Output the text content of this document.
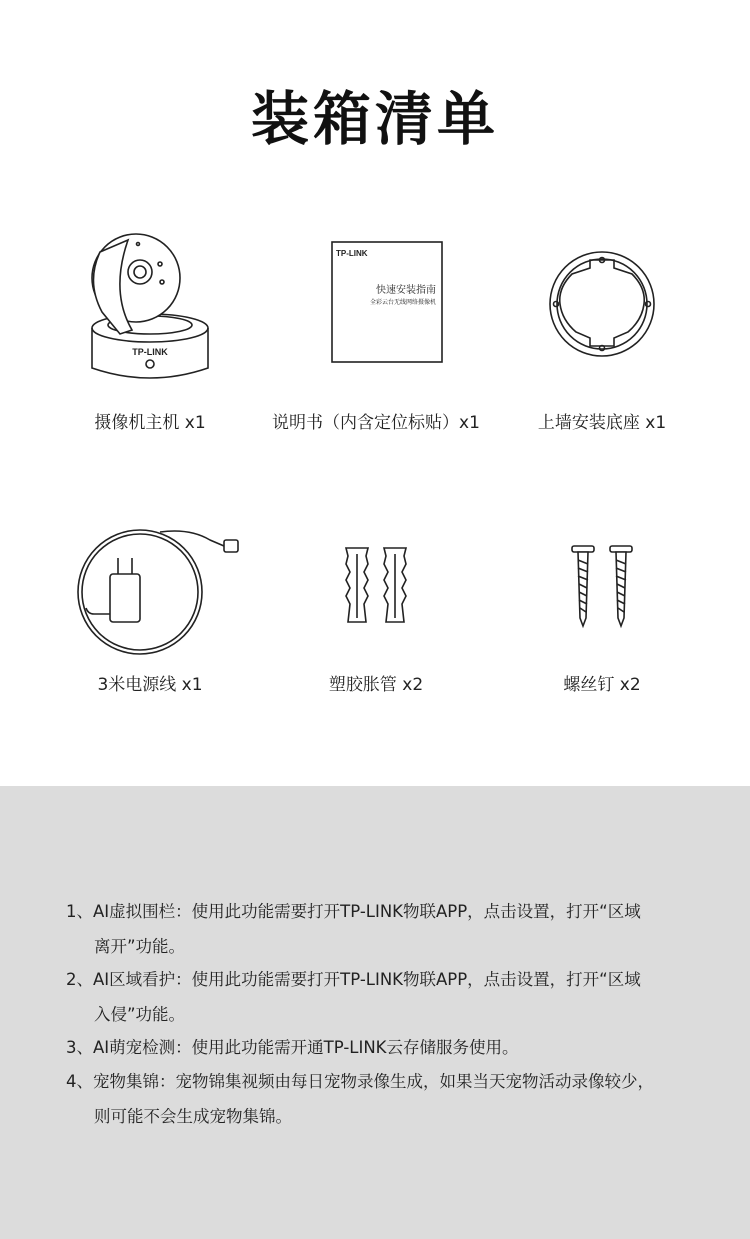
装箱清单
TP-LINK
摄像机主机 x1
TP-LINK
快速安装指南
全彩云台无线网络摄像机
说明书（内含定位标贴）x1	上墙安装底座 x1
3米电源线 x1	塑胶胀管 x2	螺丝钉 x2
1、AI虚拟围栏：使用此功能需要打开TP-LINK物联APP，点击设置，打开“区域
离开”功能。
2、AI区域看护：使用此功能需要打开TP-LINK物联APP，点击设置，打开“区域
入侵”功能。
3、AI萌宠检测：使用此功能需开通TP-LINK云存储服务使用。
4、宠物集锦：宠物锦集视频由每日宠物录像生成，如果当天宠物活动录像较少，
则可能不会生成宠物集锦。
